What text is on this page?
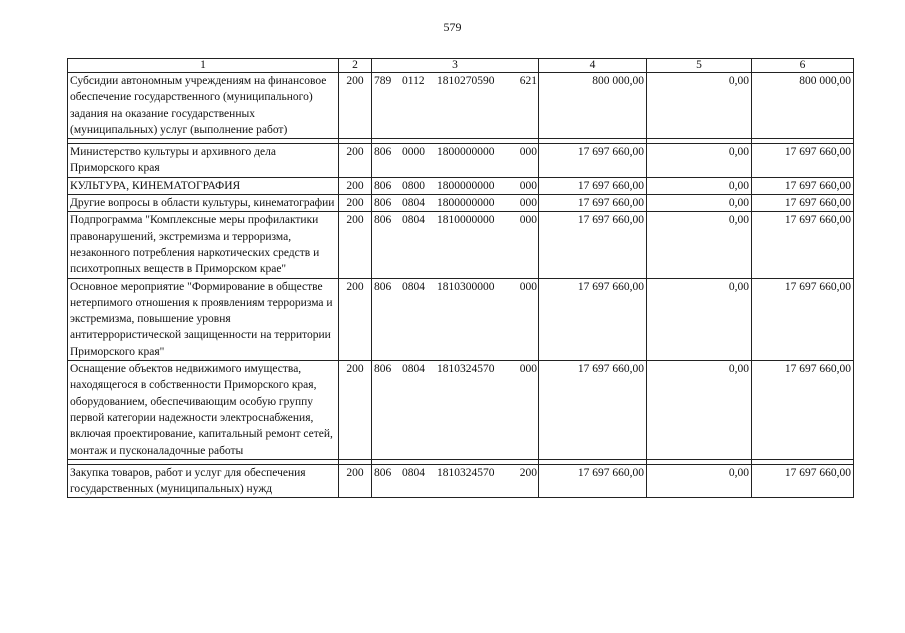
579
1	2	3	4	5	6
Субсидии автономным учреждениям на финансовое обеспечение государственного (муниципального) задания на оказание государственных (муниципальных) услуг (выполнение работ)	200	789 0112 1810270590 621	800 000,00	0,00	800 000,00

Министерство культуры и архивного дела Приморского края	200	806 0000 1800000000 000	17 697 660,00	0,00	17 697 660,00
КУЛЬТУРА, КИНЕМАТОГРАФИЯ	200	806 0800 1800000000 000	17 697 660,00	0,00	17 697 660,00
Другие вопросы в области культуры, кинематографии	200	806 0804 1800000000 000	17 697 660,00	0,00	17 697 660,00
Подпрограмма "Комплексные меры профилактики правонарушений, экстремизма и терроризма, незаконного потребления наркотических средств и психотропных веществ в Приморском крае"	200	806 0804 1810000000 000	17 697 660,00	0,00	17 697 660,00
Основное мероприятие "Формирование в обществе нетерпимого отношения к проявлениям терроризма и экстремизма, повышение уровня антитеррористической защищенности на территории Приморского края"	200	806 0804 1810300000 000	17 697 660,00	0,00	17 697 660,00
Оснащение объектов недвижимого имущества, находящегося в собственности Приморского края, оборудованием, обеспечивающим особую группу первой категории надежности электроснабжения, включая проектирование, капитальный ремонт сетей, монтаж и пусконаладочные работы	200	806 0804 1810324570 000	17 697 660,00	0,00	17 697 660,00

Закупка товаров, работ и услуг для обеспечения государственных (муниципальных) нужд	200	806 0804 1810324570 200	17 697 660,00	0,00	17 697 660,00
